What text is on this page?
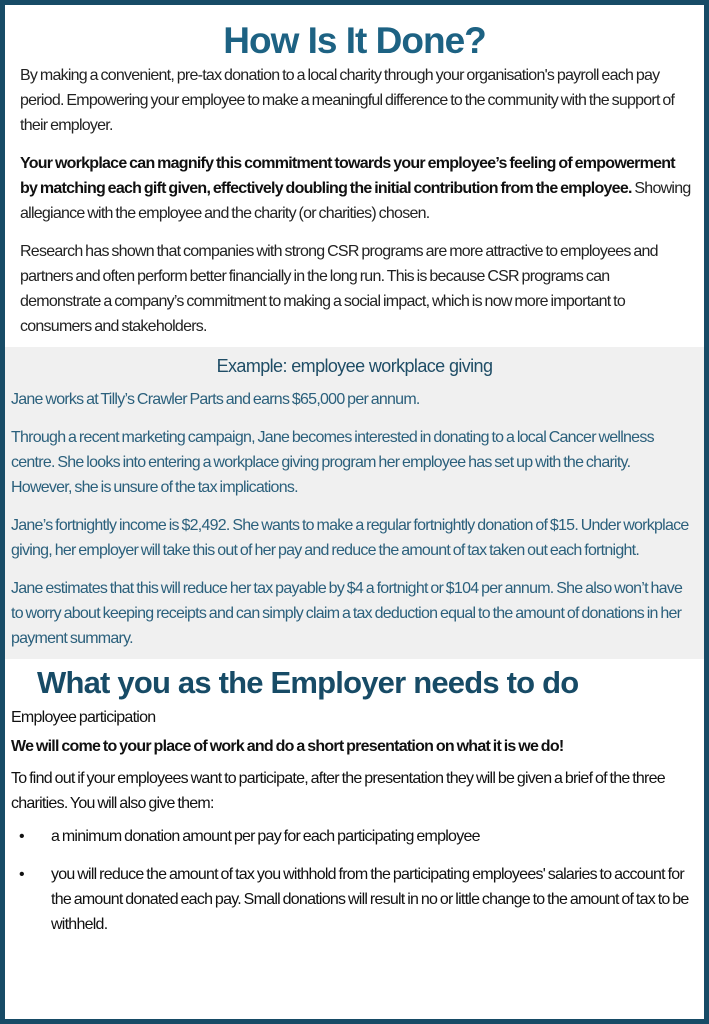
How Is It Done?
By making a convenient, pre-tax donation to a local charity through your organisation's payroll each pay period. Empowering your employee to make a meaningful difference to the community with the support of their employer.
Your workplace can magnify this commitment towards your employee’s feeling of empowerment by matching each gift given, effectively doubling the initial contribution from the employee. Showing allegiance with the employee and the charity (or charities) chosen.
Research has shown that companies with strong CSR programs are more attractive to employees and partners and often perform better financially in the long run. This is because CSR programs can demonstrate a company’s commitment to making a social impact, which is now more important to consumers and stakeholders.
Example: employee workplace giving
Jane works at Tilly’s Crawler Parts and earns $65,000 per annum.
Through a recent marketing campaign, Jane becomes interested in donating to a local Cancer wellness centre. She looks into entering a workplace giving program her employee has set up with the charity. However, she is unsure of the tax implications.
Jane’s fortnightly income is $2,492. She wants to make a regular fortnightly donation of $15. Under workplace giving, her employer will take this out of her pay and reduce the amount of tax taken out each fortnight.
Jane estimates that this will reduce her tax payable by $4 a fortnight or $104 per annum. She also won’t have to worry about keeping receipts and can simply claim a tax deduction equal to the amount of donations in her payment summary.
What you as the Employer needs to do
Employee participation
We will come to your place of work and do a short presentation on what it is we do!
To find out if your employees want to participate, after the presentation they will be given a brief of the three charities. You will also give them:
• a minimum donation amount per pay for each participating employee
• you will reduce the amount of tax you withhold from the participating employees' salaries to account for the amount donated each pay. Small donations will result in no or little change to the amount of tax to be withheld.
